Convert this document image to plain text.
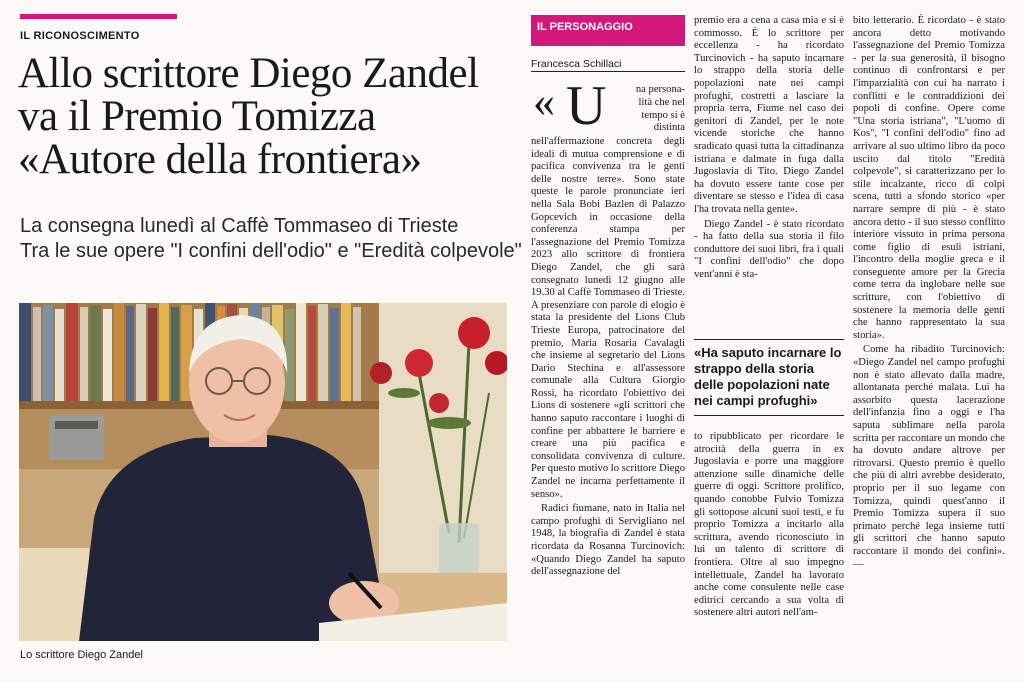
IL RICONOSCIMENTO
Allo scrittore Diego Zandel
va il Premio Tomizza
«Autore della frontiera»
La consegna lunedì al Caffè Tommaseo di Trieste
Tra le sue opere "I confini dell'odio" e "Eredità colpevole"
Lo scrittore Diego Zandel
IL PERSONAGGIO
Francesca Schillaci
« U	na persona-
lità che nel
tempo si è
distinta

nell'affermazione concreta degli ideali di mutua comprensione e di pacifica convivenza tra le genti delle nostre terre». Sono state queste le parole pronunciate ieri nella Sala Bobi Bazlen di Palazzo Gopcevich in occasione della conferenza stampa per l'assegnazione del Premio Tomizza 2023 allo scrittore di frontiera Diego Zandel, che gli sarà consegnato lunedì 12 giugno alle 19.30 al Caffè Tommaseo di Trieste. A presenziare con parole di elogio è stata la presidente del Lions Club Trieste Europa, patrocinatore del premio, Maria Rosaria Cavalagli che insieme al segretario del Lions Dario Stechina e all'assessore comunale alla Cultura Giorgio Rossi, ha ricordato l'obiettivo dei Lions di sostenere «gli scrittori che hanno saputo raccontare i luoghi di confine per abbattere le barriere e creare una più pacifica e consolidata convivenza di culture. Per questo motivo lo scrittore Diego Zandel ne incarna perfettamente il senso».

Radici fiumane, nato in Italia nel campo profughi di Servigliano nel 1948, la biografia di Zandel è stata ricordata da Rosanna Turcinovich: «Quando Diego Zandel ha saputo dell'assegnazione del

premio era a cena a casa mia e si è commosso. È lo scrittore per eccellenza - ha ricordato Turcinovich - ha saputo incarnare lo strappo della storia delle popolazioni nate nei campi profughi, costretti a lasciare la propria terra, Fiume nel caso dei genitori di Zandel, per le note vicende storiche che hanno sradicato quasi tutta la cittadinanza istriana e dalmate in fuga dalla Jugoslavia di Tito. Diego Zandel ha dovuto essere tante cose per diventare se stesso e l'idea di casa l'ha trovata nella gente».

Diego Zandel - è stato ricordato - ha fatto della sua storia il filo conduttore dei suoi libri, fra i quali "I confini dell'odio" che dopo vent'anni è sta-

«Ha saputo incarnare lo strappo della storia delle popolazioni nate nei campi profughi»

to ripubblicato per ricordare le atrocità della guerra in ex Jugoslavia e porre una maggiore attenzione sulle dinamiche delle guerre di oggi. Scrittore prolifico, quando conobbe Fulvio Tomizza gli sottopose alcuni suoi testi, e fu proprio Tomizza a incitarlo alla scrittura, avendo riconosciuto in lui un talento di scrittore di frontiera. Oltre al suo impegno intellettuale, Zandel ha lavorato anche come consulente nelle case editrici cercando a sua volta di sostenere altri autori nell'am-

bito letterario. È ricordato - è stato ancora detto motivando l'assegnazione del Premio Tomizza - per la sua generosità, il bisogno continuo di confrontarsi e per l'imparzialità con cui ha narrato i conflitti e le contraddizioni dei popoli di confine. Opere come "Una storia istriana", "L'uomo di Kos", "I confini dell'odio" fino ad arrivare al suo ultimo libro da poco uscito dal titolo "Eredità colpevole", si caratterizzano per lo stile incalzante, ricco di colpi scena, tutti a sfondo storico «per narrare sempre di più - è stato ancora detto - il suo stesso conflitto interiore vissuto in prima persona come figlio di esuli istriani, l'incontro della moglie greca e il conseguente amore per la Grecia come terra da inglobare nelle sue scritture, con l'obiettivo di sostenere la memoria delle genti che hanno rappresentato la sua storia».

Come ha ribadito Turcinovich: «Diego Zandel nel campo profughi non è stato allevato dalla madre, allontanata perché malata. Lui ha assorbito questa lacerazione dell'infanzia fino a oggi e l'ha saputa sublimare nella parola scritta per raccontare un mondo che ha dovuto andare altrove per ritrovarsi. Questo premio è quello che più di altri avrebbe desiderato, proprio per il suo legame con Tomizza, quindi quest'anno il Premio Tomizza supera il suo primato perché lega insieme tutti gli scrittori che hanno saputo raccontare il mondo dei confini». —
